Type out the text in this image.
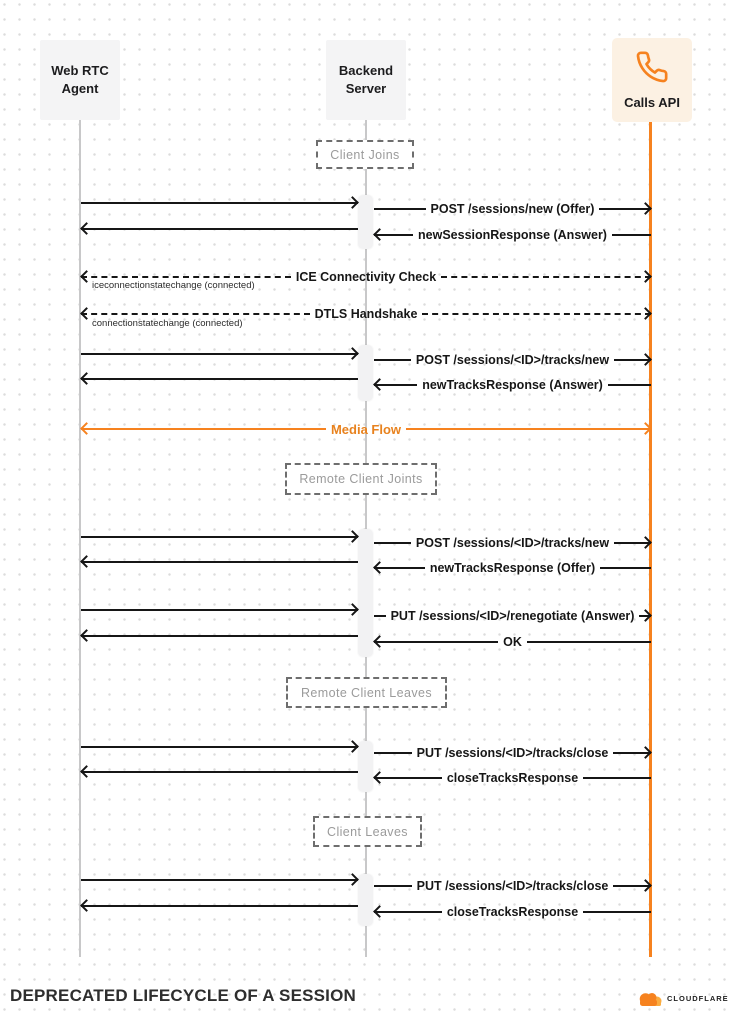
Web RTC Agent
Backend Server
Calls API
Client Joins
Remote Client Joints
Remote Client Leaves
Client Leaves
POST /sessions/new (Offer)
newSessionResponse (Answer)
ICE Connectivity Check
iceconnectionstatechange (connected)
DTLS Handshake
connectionstatechange (connected)
POST /sessions/<ID>/tracks/new
newTracksResponse (Answer)
Media Flow
POST /sessions/<ID>/tracks/new
newTracksResponse (Offer)
PUT /sessions/<ID>/renegotiate (Answer)
OK
PUT /sessions/<ID>/tracks/close
closeTracksResponse
PUT /sessions/<ID>/tracks/close
closeTracksResponse
DEPRECATED LIFECYCLE OF A SESSION	CLOUDFLARE
